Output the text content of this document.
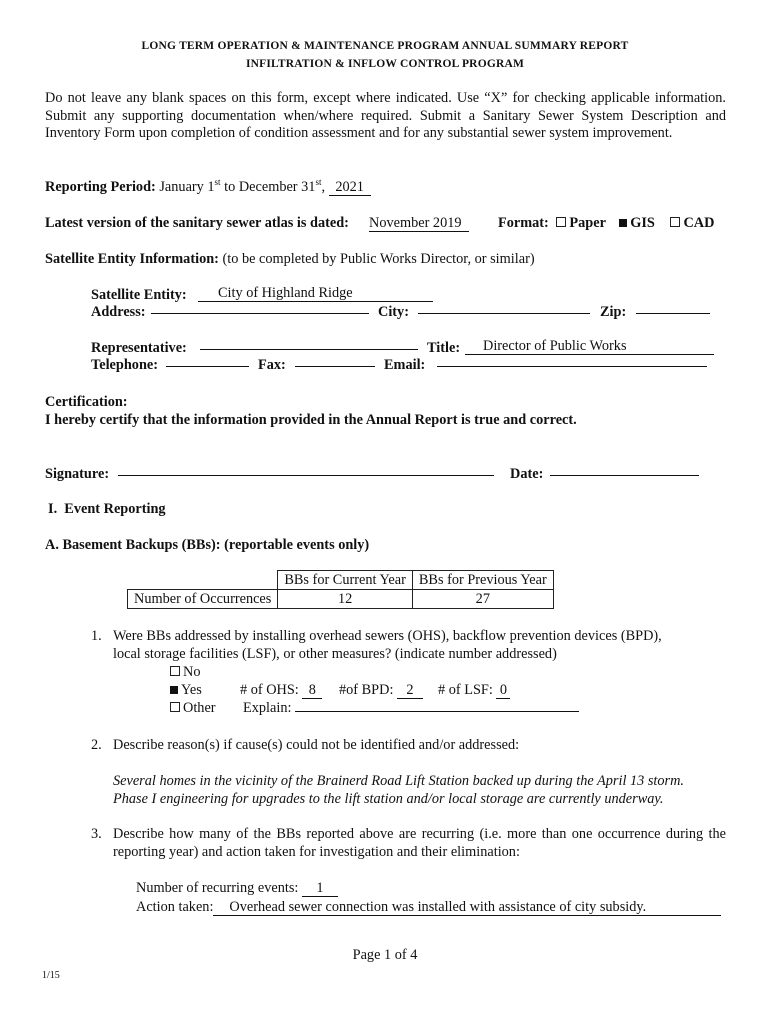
LONG TERM OPERATION & MAINTENANCE PROGRAM ANNUAL SUMMARY REPORT
INFILTRATION & INFLOW CONTROL PROGRAM
Do not leave any blank spaces on this form, except where indicated. Use “X” for checking applicable information. Submit any supporting documentation when/where required. Submit a Sanitary Sewer System Description and Inventory Form upon completion of condition assessment and for any substantial sewer system improvement.
Reporting Period: January 1st to December 31st, 2021
Latest version of the sanitary sewer atlas is dated: November 2019	Format: Paper GIS CAD
Satellite Entity Information: (to be completed by Public Works Director, or similar)
Satellite Entity:	City of Highland Ridge
Address:	City:	Zip:
Representative:	Title:	Director of Public Works
Telephone:	Fax:	Email:
Certification:
I hereby certify that the information provided in the Annual Report is true and correct.
Signature:	Date:
I. Event Reporting
A. Basement Backups (BBs): (reportable events only)
	BBs for Current Year	BBs for Previous Year
Number of Occurrences	12	27
1. Were BBs addressed by installing overhead sewers (OHS), backflow prevention devices (BPD),
local storage facilities (LSF), or other measures? (indicate number addressed)
No
Yes	# of OHS: 8	#of BPD: 2	# of LSF: 0
Other Explain:
2. Describe reason(s) if cause(s) could not be identified and/or addressed:
Several homes in the vicinity of the Brainerd Road Lift Station backed up during the April 13 storm.
Phase I engineering for upgrades to the lift station and/or local storage are currently underway.
3. Describe how many of the BBs reported above are recurring (i.e. more than one occurrence during the reporting year) and action taken for investigation and their elimination:
Number of recurring events: 1
Action taken: Overhead sewer connection was installed with assistance of city subsidy.
Page 1 of 4
1/15
